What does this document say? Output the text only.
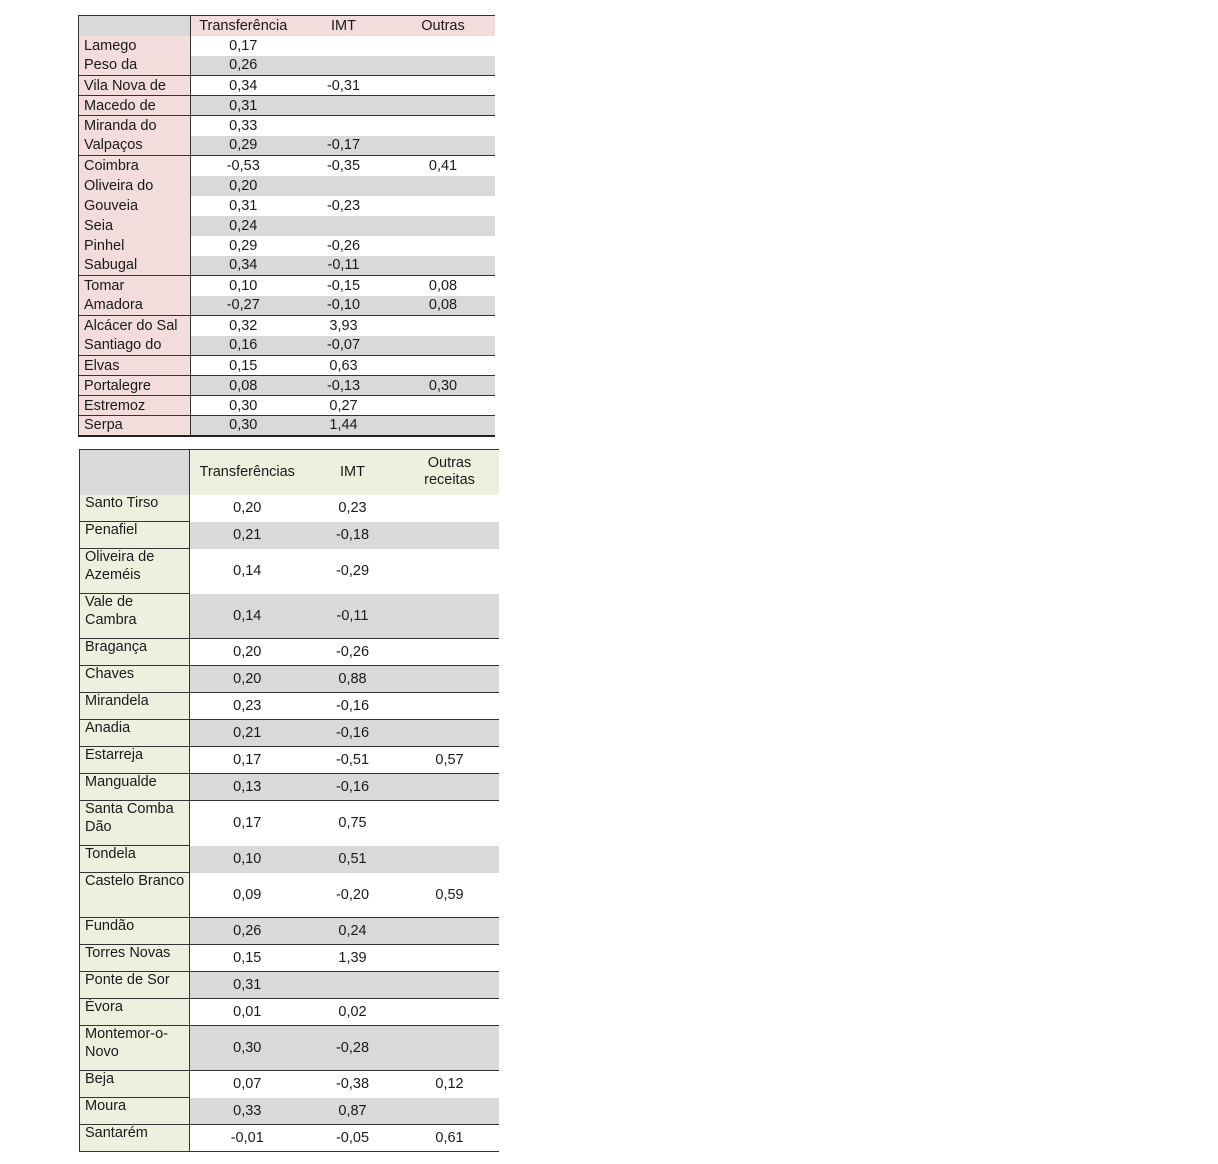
	Transferência	IMT	Outras
Lamego	0,17		
Peso da	0,26		
Vila Nova de	0,34	-0,31	
Macedo de	0,31		
Miranda do	0,33		
Valpaços	0,29	-0,17	
Coimbra	-0,53	-0,35	0,41
Oliveira do	0,20		
Gouveia	0,31	-0,23	
Seia	0,24		
Pinhel	0,29	-0,26	
Sabugal	0,34	-0,11	
Tomar	0,10	-0,15	0,08
Amadora	-0,27	-0,10	0,08
Alcácer do Sal	0,32	3,93	
Santiago do	0,16	-0,07	
Elvas	0,15	0,63	
Portalegre	0,08	-0,13	0,30
Estremoz	0,30	0,27	
Serpa	0,30	1,44	
	Transferências	IMT	Outras receitas
Santo Tirso	0,20	0,23	
Penafiel	0,21	-0,18	
Oliveira de Azeméis	0,14	-0,29	
Vale de Cambra	0,14	-0,11	
Bragança	0,20	-0,26	
Chaves	0,20	0,88	
Mirandela	0,23	-0,16	
Anadia	0,21	-0,16	
Estarreja	0,17	-0,51	0,57
Mangualde	0,13	-0,16	
Santa Comba Dão	0,17	0,75	
Tondela	0,10	0,51	
Castelo Branco	0,09	-0,20	0,59
Fundão	0,26	0,24	
Torres Novas	0,15	1,39	
Ponte de Sor	0,31		
Évora	0,01	0,02	
Montemor-o-Novo	0,30	-0,28	
Beja	0,07	-0,38	0,12
Moura	0,33	0,87	
Santarém	-0,01	-0,05	0,61
